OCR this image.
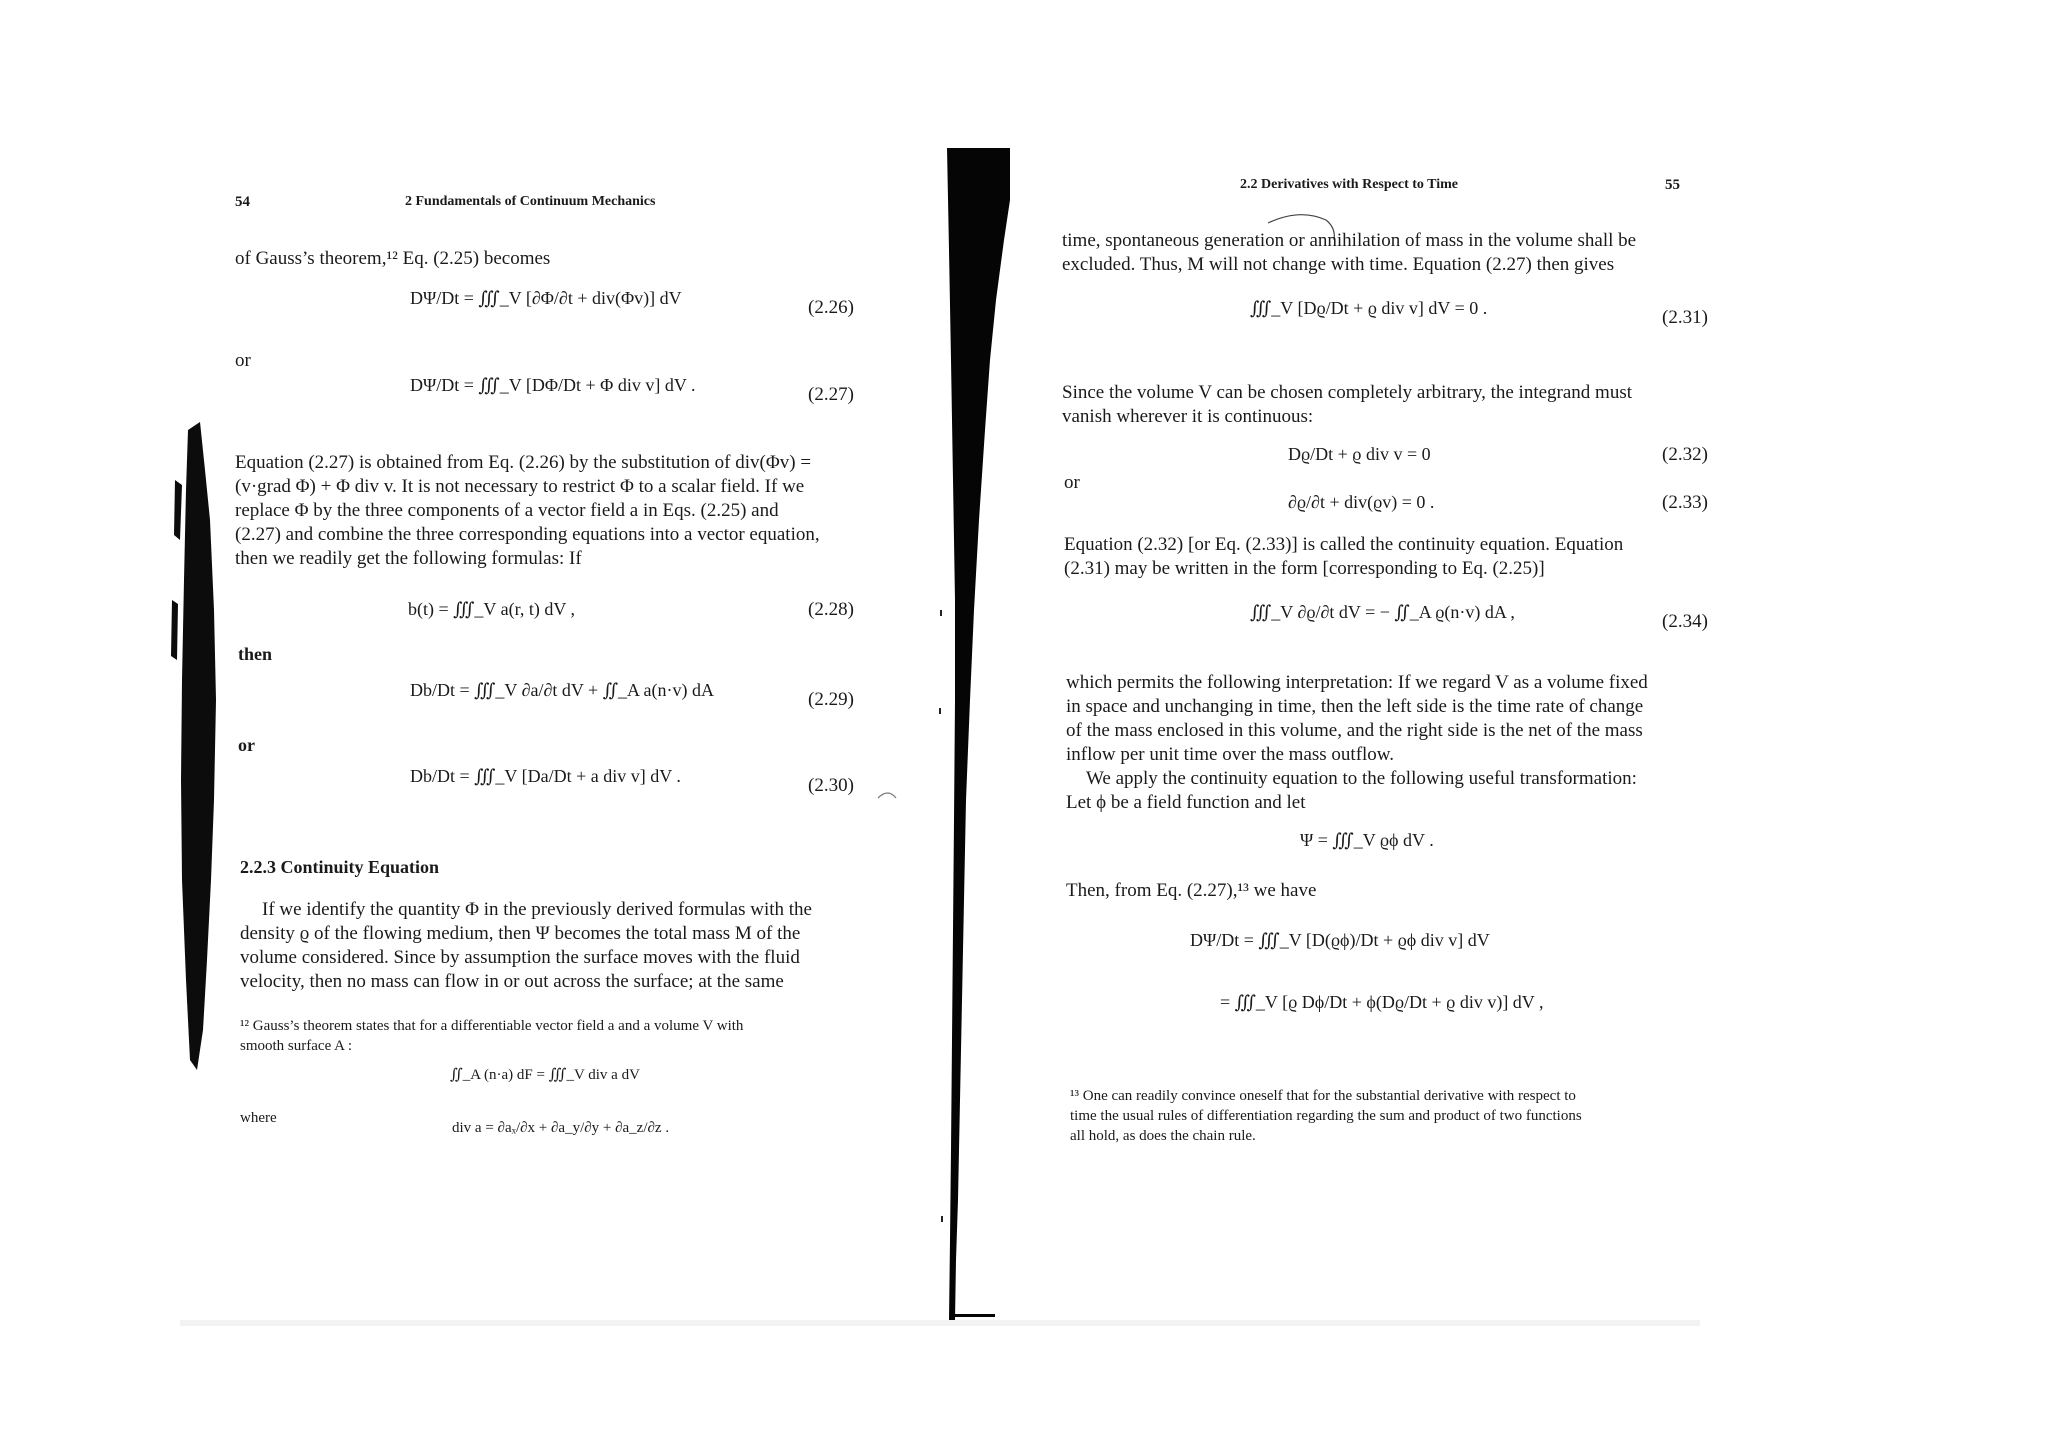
54	2 Fundamentals of Continuum Mechanics
of Gauss’s theorem,¹² Eq. (2.25) becomes
DΨ/Dt = ∭_V [∂Φ/∂t + div(Φv)] dV	(2.26)
or
DΨ/Dt = ∭_V [DΦ/Dt + Φ div v] dV .	(2.27)
Equation (2.27) is obtained from Eq. (2.26) by the substitution of div(Φv) =
(v·grad Φ) + Φ div v. It is not necessary to restrict Φ to a scalar field. If we
replace Φ by the three components of a vector field a in Eqs. (2.25) and
(2.27) and combine the three corresponding equations into a vector equation,
then we readily get the following formulas: If
b(t) = ∭_V a(r, t) dV ,	(2.28)
then
Db/Dt = ∭_V ∂a/∂t dV + ∬_A a(n·v) dA	(2.29)
or
Db/Dt = ∭_V [Da/Dt + a div v] dV .	(2.30)
2.2.3 Continuity Equation
If we identify the quantity Φ in the previously derived formulas with the
density ϱ of the flowing medium, then Ψ becomes the total mass M of the
volume considered. Since by assumption the surface moves with the fluid
velocity, then no mass can flow in or out across the surface; at the same
¹² Gauss’s theorem states that for a differentiable vector field a and a volume V with
smooth surface A :
∬_A (n·a) dF = ∭_V div a dV
where
div a = ∂aₓ/∂x + ∂a_y/∂y + ∂a_z/∂z .
2.2 Derivatives with Respect to Time	55
time, spontaneous generation or annihilation of mass in the volume shall be
excluded. Thus, M will not change with time. Equation (2.27) then gives
∭_V [Dϱ/Dt + ϱ div v] dV = 0 .	(2.31)
Since the volume V can be chosen completely arbitrary, the integrand must
vanish wherever it is continuous:
Dϱ/Dt + ϱ div v = 0	(2.32)
or
∂ϱ/∂t + div(ϱv) = 0 .	(2.33)
Equation (2.32) [or Eq. (2.33)] is called the continuity equation. Equation
(2.31) may be written in the form [corresponding to Eq. (2.25)]
∭_V ∂ϱ/∂t dV = − ∬_A ϱ(n·v) dA ,	(2.34)
which permits the following interpretation: If we regard V as a volume fixed
in space and unchanging in time, then the left side is the time rate of change
of the mass enclosed in this volume, and the right side is the net of the mass
inflow per unit time over the mass outflow.
We apply the continuity equation to the following useful transformation:
Let ϕ be a field function and let
Ψ = ∭_V ϱϕ dV .
Then, from Eq. (2.27),¹³ we have
DΨ/Dt = ∭_V [D(ϱϕ)/Dt + ϱϕ div v] dV
= ∭_V [ϱ Dϕ/Dt + ϕ(Dϱ/Dt + ϱ div v)] dV ,
¹³ One can readily convince oneself that for the substantial derivative with respect to
time the usual rules of differentiation regarding the sum and product of two functions
all hold, as does the chain rule.
